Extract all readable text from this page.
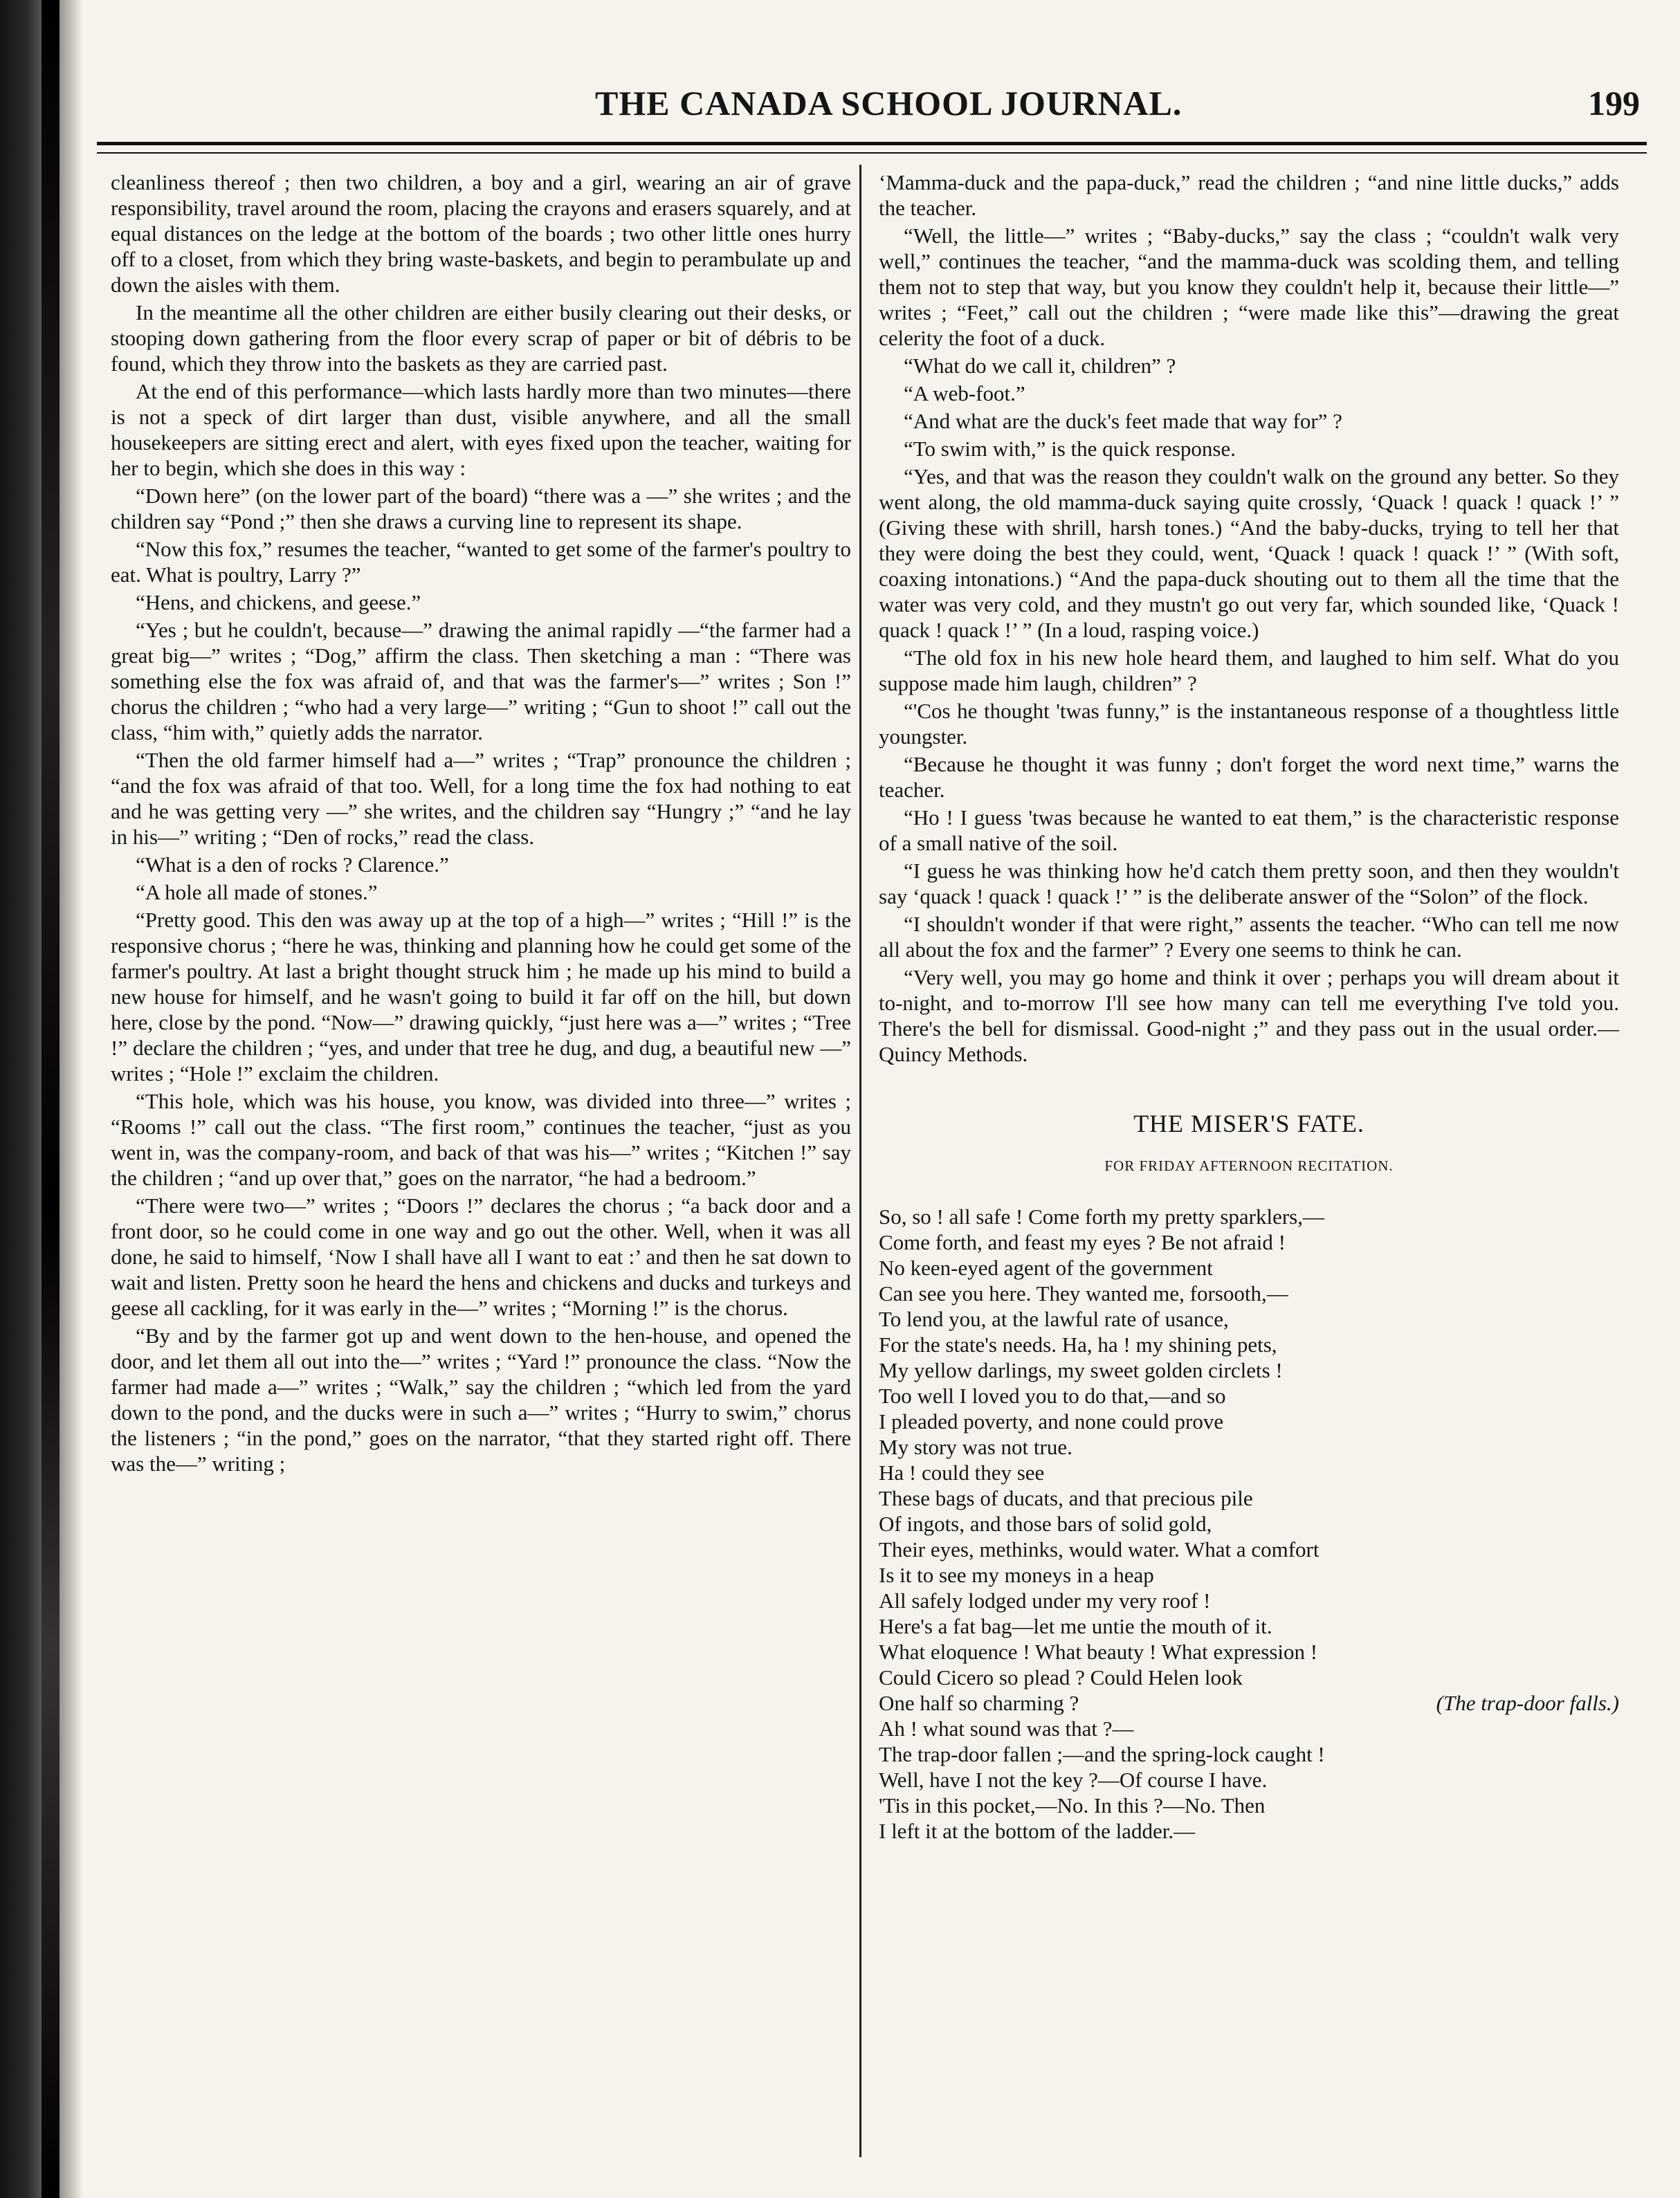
THE CANADA SCHOOL JOURNAL.	199

cleanliness thereof ; then two children, a boy and a girl, wearing an air of grave responsibility, travel around the room, placing the crayons and erasers squarely, and at equal distances on the ledge at the bottom of the boards ; two other little ones hurry off to a closet, from which they bring waste-baskets, and begin to perambulate up and down the aisles with them.

In the meantime all the other children are either busily clearing out their desks, or stooping down gathering from the floor every scrap of paper or bit of débris to be found, which they throw into the baskets as they are carried past.

At the end of this performance—which lasts hardly more than two minutes—there is not a speck of dirt larger than dust, visible anywhere, and all the small housekeepers are sitting erect and alert, with eyes fixed upon the teacher, waiting for her to begin, which she does in this way :

“Down here” (on the lower part of the board) “there was a —” she writes ; and the children say “Pond ;” then she draws a curving line to represent its shape.

“Now this fox,” resumes the teacher, “wanted to get some of the farmer's poultry to eat. What is poultry, Larry ?”

“Hens, and chickens, and geese.”

“Yes ; but he couldn't, because—” drawing the animal rapidly —“the farmer had a great big—” writes ; “Dog,” affirm the class. Then sketching a man : “There was something else the fox was afraid of, and that was the farmer's—” writes ; Son !” chorus the children ; “who had a very large—” writing ; “Gun to shoot !” call out the class, “him with,” quietly adds the narrator.

“Then the old farmer himself had a—” writes ; “Trap” pronounce the children ; “and the fox was afraid of that too. Well, for a long time the fox had nothing to eat and he was getting very —” she writes, and the children say “Hungry ;” “and he lay in his—” writing ; “Den of rocks,” read the class.

“What is a den of rocks ? Clarence.”

“A hole all made of stones.”

“Pretty good. This den was away up at the top of a high—” writes ; “Hill !” is the responsive chorus ; “here he was, thinking and planning how he could get some of the farmer's poultry. At last a bright thought struck him ; he made up his mind to build a new house for himself, and he wasn't going to build it far off on the hill, but down here, close by the pond. “Now—” drawing quickly, “just here was a—” writes ; “Tree !” declare the children ; “yes, and under that tree he dug, and dug, a beautiful new —” writes ; “Hole !” exclaim the children.

“This hole, which was his house, you know, was divided into three—” writes ; “Rooms !” call out the class. “The first room,” continues the teacher, “just as you went in, was the company-room, and back of that was his—” writes ; “Kitchen !” say the children ; “and up over that,” goes on the narrator, “he had a bedroom.”

“There were two—” writes ; “Doors !” declares the chorus ; “a back door and a front door, so he could come in one way and go out the other. Well, when it was all done, he said to himself, ‘Now I shall have all I want to eat :’ and then he sat down to wait and listen. Pretty soon he heard the hens and chickens and ducks and turkeys and geese all cackling, for it was early in the—” writes ; “Morning !” is the chorus.

“By and by the farmer got up and went down to the hen-house, and opened the door, and let them all out into the—” writes ; “Yard !” pronounce the class. “Now the farmer had made a—” writes ; “Walk,” say the children ; “which led from the yard down to the pond, and the ducks were in such a—” writes ; “Hurry to swim,” chorus the listeners ; “in the pond,” goes on the narrator, “that they started right off. There was the—” writing ;

‘Mamma-duck and the papa-duck,” read the children ; “and nine little ducks,” adds the teacher.

“Well, the little—” writes ; “Baby-ducks,” say the class ; “couldn't walk very well,” continues the teacher, “and the mamma-duck was scolding them, and telling them not to step that way, but you know they couldn't help it, because their little—” writes ; “Feet,” call out the children ; “were made like this”—drawing the great celerity the foot of a duck.

“What do we call it, children” ?

“A web-foot.”

“And what are the duck's feet made that way for” ?

“To swim with,” is the quick response.

“Yes, and that was the reason they couldn't walk on the ground any better. So they went along, the old mamma-duck saying quite crossly, ‘Quack ! quack ! quack !’ ” (Giving these with shrill, harsh tones.) “And the baby-ducks, trying to tell her that they were doing the best they could, went, ‘Quack ! quack ! quack !’ ” (With soft, coaxing intonations.) “And the papa-duck shouting out to them all the time that the water was very cold, and they mustn't go out very far, which sounded like, ‘Quack ! quack ! quack !’ ” (In a loud, rasping voice.)

“The old fox in his new hole heard them, and laughed to him self. What do you suppose made him laugh, children” ?

“'Cos he thought 'twas funny,” is the instantaneous response of a thoughtless little youngster.

“Because he thought it was funny ; don't forget the word next time,” warns the teacher.

“Ho ! I guess 'twas because he wanted to eat them,” is the characteristic response of a small native of the soil.

“I guess he was thinking how he'd catch them pretty soon, and then they wouldn't say ‘quack ! quack ! quack !’ ” is the deliberate answer of the “Solon” of the flock.

“I shouldn't wonder if that were right,” assents the teacher. “Who can tell me now all about the fox and the farmer” ? Every one seems to think he can.

“Very well, you may go home and think it over ; perhaps you will dream about it to-night, and to-morrow I'll see how many can tell me everything I've told you. There's the bell for dismissal. Good-night ;” and they pass out in the usual order.—Quincy Methods.

THE MISER'S FATE.
FOR FRIDAY AFTERNOON RECITATION.
So, so ! all safe ! Come forth my pretty sparklers,—
Come forth, and feast my eyes ? Be not afraid !
No keen-eyed agent of the government
Can see you here. They wanted me, forsooth,—
To lend you, at the lawful rate of usance,
For the state's needs. Ha, ha ! my shining pets,
My yellow darlings, my sweet golden circlets !
Too well I loved you to do that,—and so
I pleaded poverty, and none could prove
My story was not true.
Ha ! could they see
These bags of ducats, and that precious pile
Of ingots, and those bars of solid gold,
Their eyes, methinks, would water. What a comfort
Is it to see my moneys in a heap
All safely lodged under my very roof !
Here's a fat bag—let me untie the mouth of it.
What eloquence ! What beauty ! What expression !
Could Cicero so plead ? Could Helen look
One half so charming ?	(The trap-door falls.)
Ah ! what sound was that ?—
The trap-door fallen ;—and the spring-lock caught !
Well, have I not the key ?—Of course I have.
'Tis in this pocket,—No. In this ?—No. Then
I left it at the bottom of the ladder.—
